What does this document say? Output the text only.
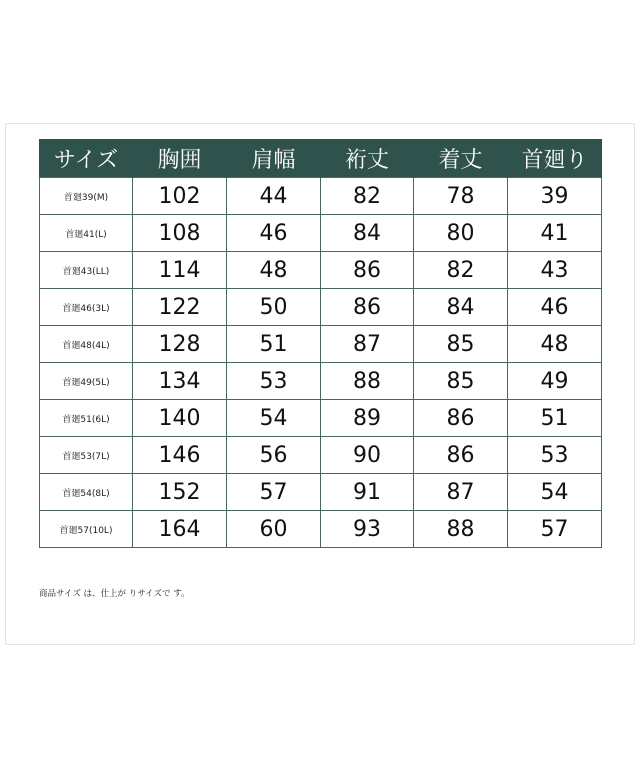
サイズ	胸囲	肩幅	裄丈	着丈	首廻り
首廻39(M)	102	44	82	78	39
首廻41(L)	108	46	84	80	41
首廻43(LL)	114	48	86	82	43
首廻46(3L)	122	50	86	84	46
首廻48(4L)	128	51	87	85	48
首廻49(5L)	134	53	88	85	49
首廻51(6L)	140	54	89	86	51
首廻53(7L)	146	56	90	86	53
首廻54(8L)	152	57	91	87	54
首廻57(10L)	164	60	93	88	57
商品サイズ は、仕上が りサイズで す。
